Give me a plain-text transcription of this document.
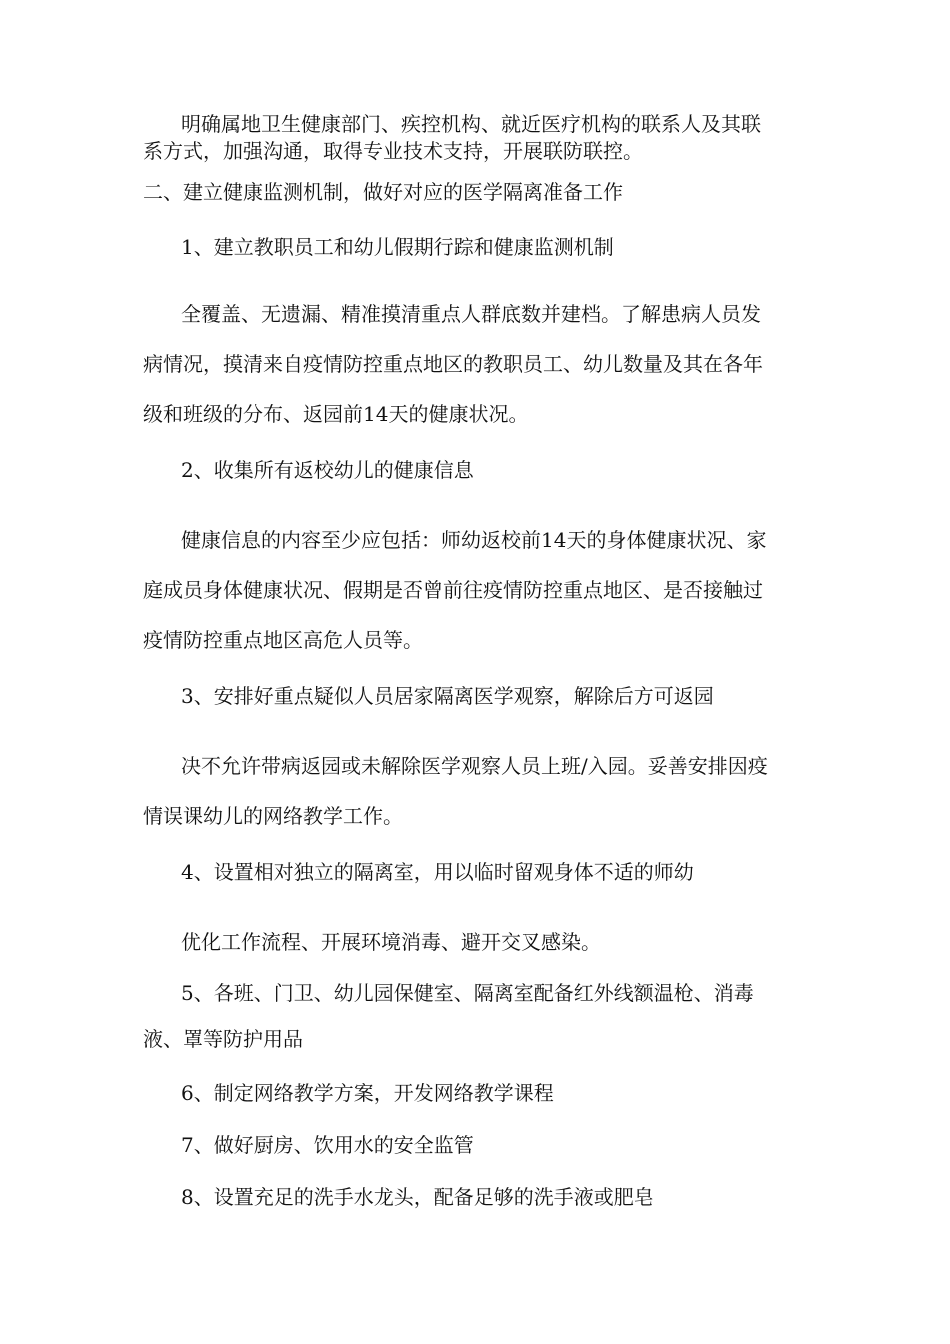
明确属地卫生健康部门、疾控机构、就近医疗机构的联系人及其联
系方式，加强沟通，取得专业技术支持，开展联防联控。
二、建立健康监测机制，做好对应的医学隔离准备工作
1、建立教职员工和幼儿假期行踪和健康监测机制
全覆盖、无遗漏、精准摸清重点人群底数并建档。了解患病人员发
病情况，摸清来自疫情防控重点地区的教职员工、幼儿数量及其在各年
级和班级的分布、返园前14天的健康状况。
2、收集所有返校幼儿的健康信息
健康信息的内容至少应包括：师幼返校前14天的身体健康状况、家
庭成员身体健康状况、假期是否曾前往疫情防控重点地区、是否接触过
疫情防控重点地区高危人员等。
3、安排好重点疑似人员居家隔离医学观察，解除后方可返园
决不允许带病返园或未解除医学观察人员上班/入园。妥善安排因疫
情误课幼儿的网络教学工作。
4、设置相对独立的隔离室，用以临时留观身体不适的师幼
优化工作流程、开展环境消毒、避开交叉感染。
5、各班、门卫、幼儿园保健室、隔离室配备红外线额温枪、消毒
液、罩等防护用品
6、制定网络教学方案，开发网络教学课程
7、做好厨房、饮用水的安全监管
8、设置充足的洗手水龙头，配备足够的洗手液或肥皂
